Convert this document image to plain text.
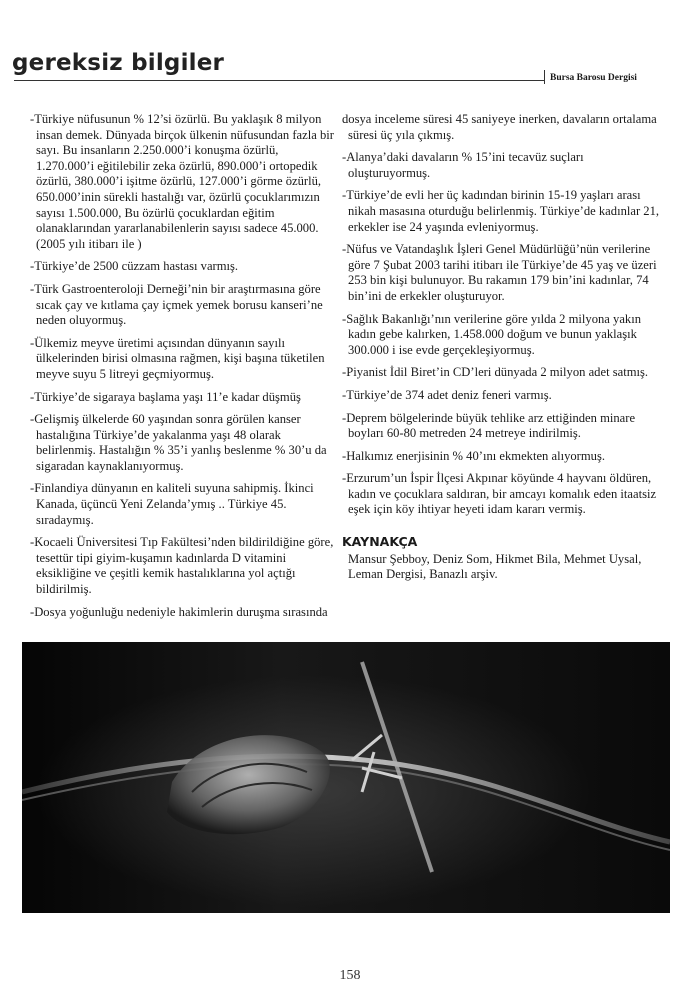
gereksiz bilgiler
Bursa Barosu Dergisi

-Türkiye nüfusunun % 12’si özürlü. Bu yaklaşık 8 milyon insan demek. Dünyada birçok ülkenin nüfusundan fazla bir sayı. Bu insanların 2.250.000’i konuşma özürlü, 1.270.000’i eğitilebilir zeka özürlü, 890.000’i ortopedik özürlü, 380.000’i işitme özürlü, 127.000’i görme özürlü, 650.000’inin sürekli hastalığı var, özürlü çocuklarımızın sayısı 1.500.000, Bu özürlü çocuklardan eğitim olanaklarından yararlanabilenlerin sayısı sadece 45.000. (2005 yılı itibarı ile )

-Türkiye’de 2500 cüzzam hastası varmış.

-Türk Gastroenteroloji Derneği’nin bir araştırmasına göre sıcak çay ve kıtlama çay içmek yemek borusu kanseri’ne neden oluyormuş.

-Ülkemiz meyve üretimi açısından dünyanın sayılı ülkelerinden birisi olmasına rağmen, kişi başına tüketilen meyve suyu 5 litreyi geçmiyormuş.

-Türkiye’de sigaraya başlama yaşı 11’e kadar düşmüş

-Gelişmiş ülkelerde 60 yaşından sonra görülen kanser hastalığına Türkiye’de yakalanma yaşı 48 olarak belirlenmiş. Hastalığın % 35’i yanlış beslenme % 30’u da sigaradan kaynaklanıyormuş.

-Finlandiya dünyanın en kaliteli suyuna sahipmiş. İkinci Kanada, üçüncü Yeni Zelanda’ymış .. Türkiye 45. sıradaymış.

-Kocaeli Üniversitesi Tıp Fakültesi’nden bildirildiğine göre, tesettür tipi giyim-kuşamın kadınlarda D vitamini eksikliğine ve çeşitli kemik hastalıklarına yol açtığı bildirilmiş.

-Dosya yoğunluğu nedeniyle hakimlerin duruşma sırasında

dosya inceleme süresi 45 saniyeye inerken, davaların ortalama süresi üç yıla çıkmış.

-Alanya’daki davaların % 15’ini tecavüz suçları oluşturuyormuş.

-Türkiye’de evli her üç kadından birinin 15-19 yaşları arası nikah masasına oturduğu belirlenmiş. Türkiye’de kadınlar 21, erkekler ise 24 yaşında evleniyormuş.

-Nüfus ve Vatandaşlık İşleri Genel Müdürlüğü’nün verilerine göre 7 Şubat 2003 tarihi itibarı ile Türkiye’de 45 yaş ve üzeri 253 bin kişi bulunuyor. Bu rakamın 179 bin’ini kadınlar, 74 bin’ini de erkekler oluşturuyor.

-Sağlık Bakanlığı’nın verilerine göre yılda 2 milyona yakın kadın gebe kalırken, 1.458.000 doğum ve bunun yaklaşık 300.000 i ise evde gerçekleşiyormuş.

-Piyanist İdil Biret’in CD’leri dünyada 2 milyon adet satmış.

-Türkiye’de 374 adet deniz feneri varmış.

-Deprem bölgelerinde büyük tehlike arz ettiğinden minare boyları 60-80 metreden 24 metreye indirilmiş.

-Halkımız enerjisinin % 40’ını ekmekten alıyormuş.

-Erzurum’un İspir İlçesi Akpınar köyünde 4 hayvanı öldüren, kadın ve çocuklara saldıran, bir amcayı komalık eden itaatsiz eşek için köy ihtiyar heyeti idam kararı vermiş.

KAYNAKÇA

Mansur Şebboy, Deniz Som, Hikmet Bila, Mehmet Uysal, Leman Dergisi, Banazlı arşiv.

158
